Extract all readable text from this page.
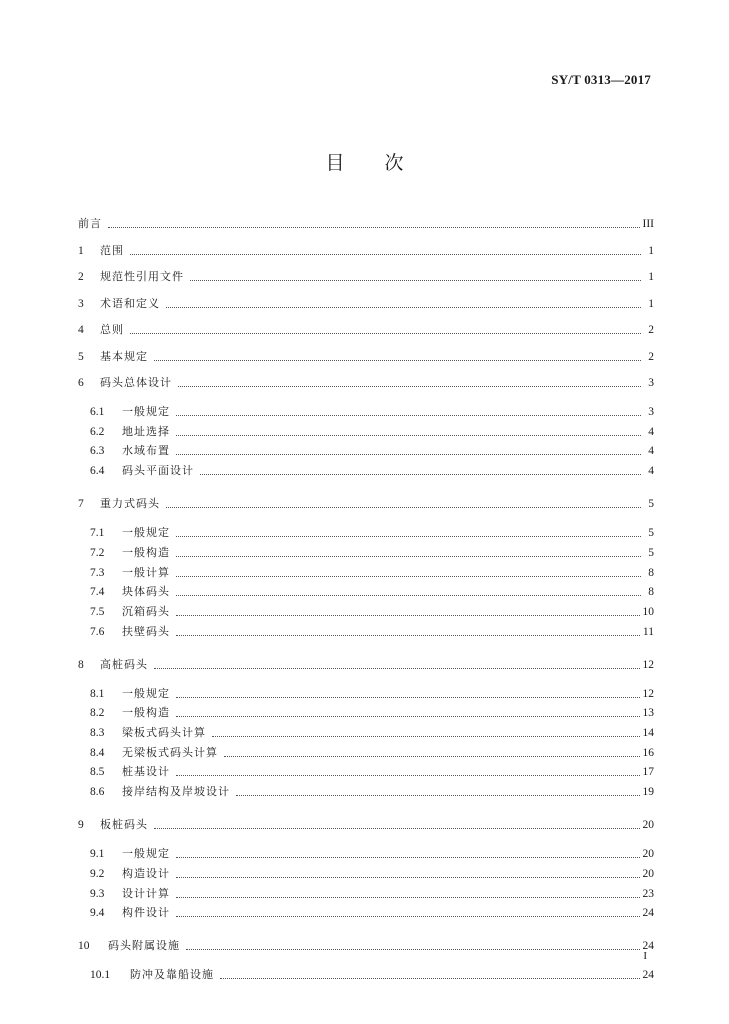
SY/T 0313—2017
目 次
前言	III
1	范围	1
2	规范性引用文件	1
3	术语和定义	1
4	总则	2
5	基本规定	2
6	码头总体设计	3
6.1	一般规定	3
6.2	地址选择	4
6.3	水域布置	4
6.4	码头平面设计	4
7	重力式码头	5
7.1	一般规定	5
7.2	一般构造	5
7.3	一般计算	8
7.4	块体码头	8
7.5	沉箱码头	10
7.6	扶壁码头	11
8	高桩码头	12
8.1	一般规定	12
8.2	一般构造	13
8.3	梁板式码头计算	14
8.4	无梁板式码头计算	16
8.5	桩基设计	17
8.6	接岸结构及岸坡设计	19
9	板桩码头	20
9.1	一般规定	20
9.2	构造设计	20
9.3	设计计算	23
9.4	构件设计	24
10	码头附属设施	24
10.1	防冲及靠船设施	24
I
